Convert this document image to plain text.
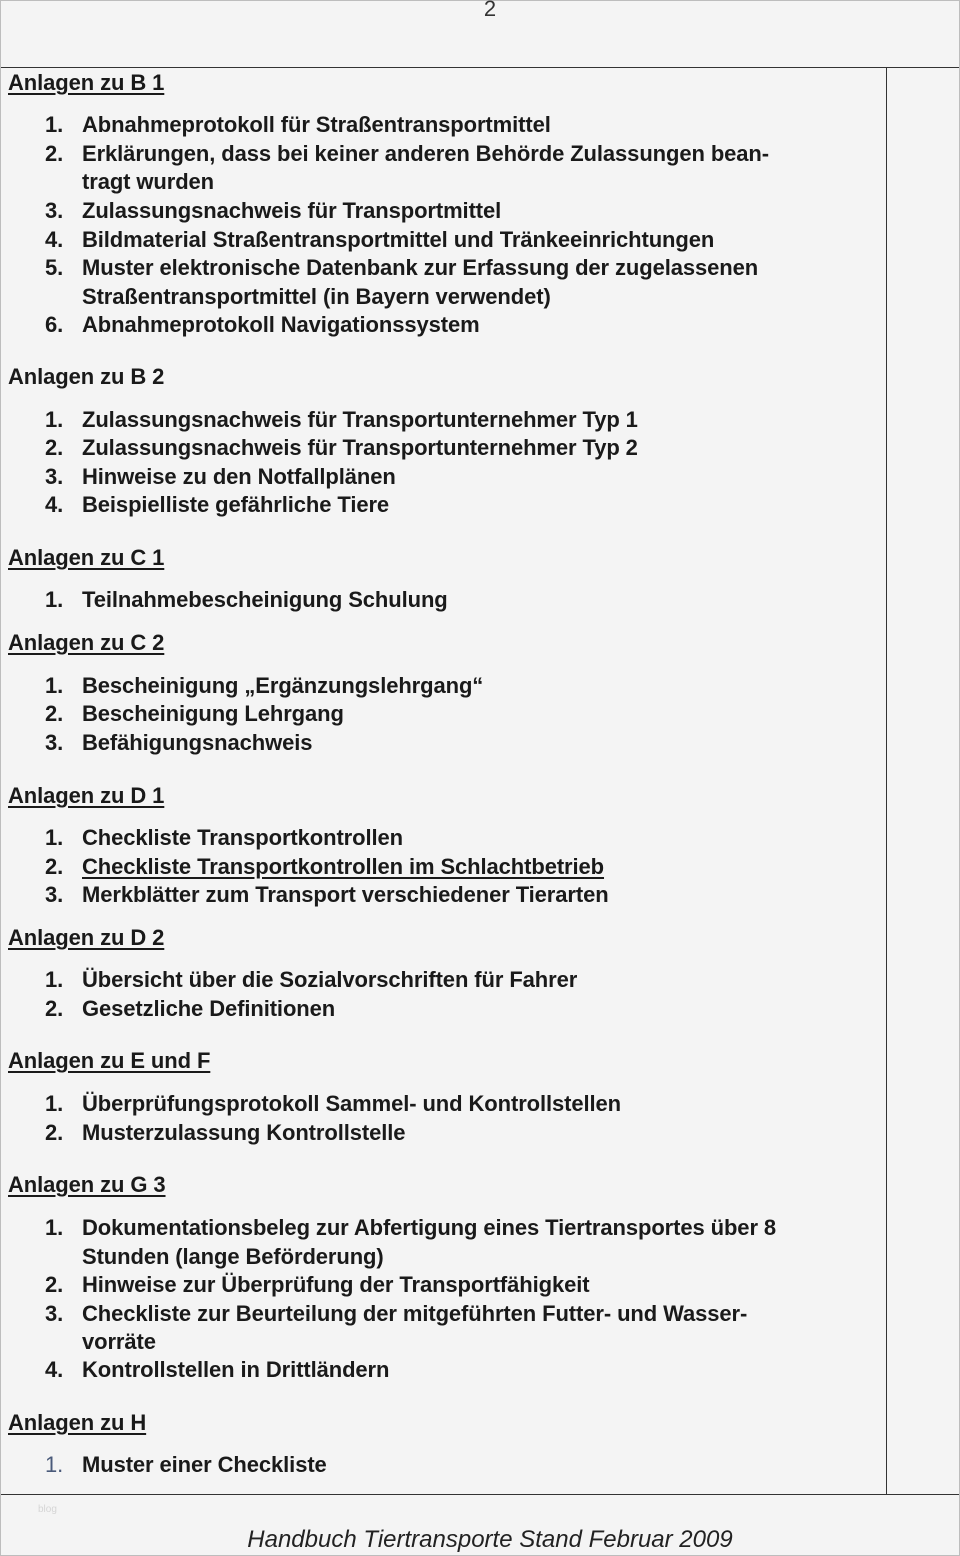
2
Anlagen zu B 1
1. Abnahmeprotokoll für Straßentransportmittel
2. Erklärungen, dass bei keiner anderen Behörde Zulassungen bean-
tragt wurden
3. Zulassungsnachweis für Transportmittel
4. Bildmaterial Straßentransportmittel und Tränkeeinrichtungen
5. Muster elektronische Datenbank zur Erfassung der zugelassenen
Straßentransportmittel (in Bayern verwendet)
6. Abnahmeprotokoll Navigationssystem
Anlagen zu B 2
1. Zulassungsnachweis für Transportunternehmer Typ 1
2. Zulassungsnachweis für Transportunternehmer Typ 2
3. Hinweise zu den Notfallplänen
4. Beispielliste gefährliche Tiere
Anlagen zu C 1
1. Teilnahmebescheinigung Schulung
Anlagen zu C 2
1. Bescheinigung „Ergänzungslehrgang“
2. Bescheinigung Lehrgang
3. Befähigungsnachweis
Anlagen zu D 1
1. Checkliste Transportkontrollen
2. Checkliste Transportkontrollen im Schlachtbetrieb
3. Merkblätter zum Transport verschiedener Tierarten
Anlagen zu D 2
1. Übersicht über die Sozialvorschriften für Fahrer
2. Gesetzliche Definitionen
Anlagen zu E und F
1. Überprüfungsprotokoll Sammel- und Kontrollstellen
2. Musterzulassung Kontrollstelle
Anlagen zu G 3
1. Dokumentationsbeleg zur Abfertigung eines Tiertransportes über 8
Stunden (lange Beförderung)
2. Hinweise zur Überprüfung der Transportfähigkeit
3. Checkliste zur Beurteilung der mitgeführten Futter- und Wasser-
vorräte
4. Kontrollstellen in Drittländern
Anlagen zu H
1. Muster einer Checkliste
blog
Handbuch Tiertransporte Stand Februar 2009
